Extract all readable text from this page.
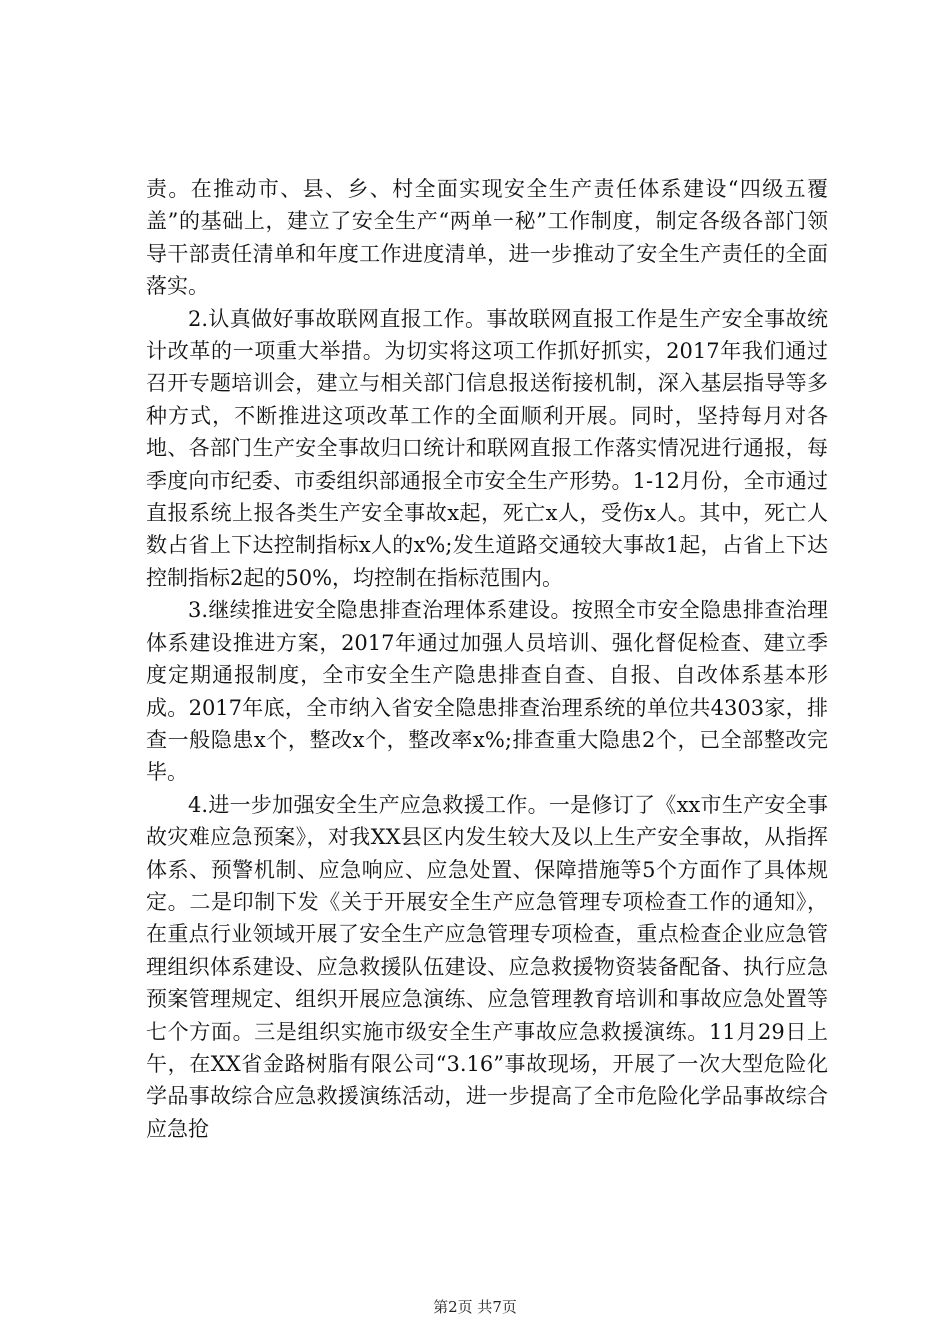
责。在推动市、县、乡、村全面实现安全生产责任体系建设“四级五覆盖”的基础上，建立了安全生产“两单一秘”工作制度，制定各级各部门领导干部责任清单和年度工作进度清单，进一步推动了安全生产责任的全面落实。

2.认真做好事故联网直报工作。事故联网直报工作是生产安全事故统计改革的一项重大举措。为切实将这项工作抓好抓实，2017年我们通过召开专题培训会，建立与相关部门信息报送衔接机制，深入基层指导等多种方式，不断推进这项改革工作的全面顺利开展。同时，坚持每月对各地、各部门生产安全事故归口统计和联网直报工作落实情况进行通报，每季度向市纪委、市委组织部通报全市安全生产形势。1-12月份，全市通过直报系统上报各类生产安全事故x起，死亡x人，受伤x人。其中，死亡人数占省上下达控制指标x人的x%;发生道路交通较大事故1起，占省上下达控制指标2起的50%，均控制在指标范围内。

3.继续推进安全隐患排查治理体系建设。按照全市安全隐患排查治理体系建设推进方案，2017年通过加强人员培训、强化督促检查、建立季度定期通报制度，全市安全生产隐患排查自查、自报、自改体系基本形成。2017年底，全市纳入省安全隐患排查治理系统的单位共4303家，排查一般隐患x个，整改x个，整改率x%;排查重大隐患2个，已全部整改完毕。

4.进一步加强安全生产应急救援工作。一是修订了《xx市生产安全事故灾难应急预案》，对我XX县区内发生较大及以上生产安全事故，从指挥体系、预警机制、应急响应、应急处置、保障措施等5个方面作了具体规定。二是印制下发《关于开展安全生产应急管理专项检查工作的通知》，在重点行业领域开展了安全生产应急管理专项检查，重点检查企业应急管理组织体系建设、应急救援队伍建设、应急救援物资装备配备、执行应急预案管理规定、组织开展应急演练、应急管理教育培训和事故应急处置等七个方面。三是组织实施市级安全生产事故应急救援演练。11月29日上午，在XX省金路树脂有限公司“3.16”事故现场，开展了一次大型危险化学品事故综合应急救援演练活动，进一步提高了全市危险化学品事故综合应急抢

第2页 共7页
